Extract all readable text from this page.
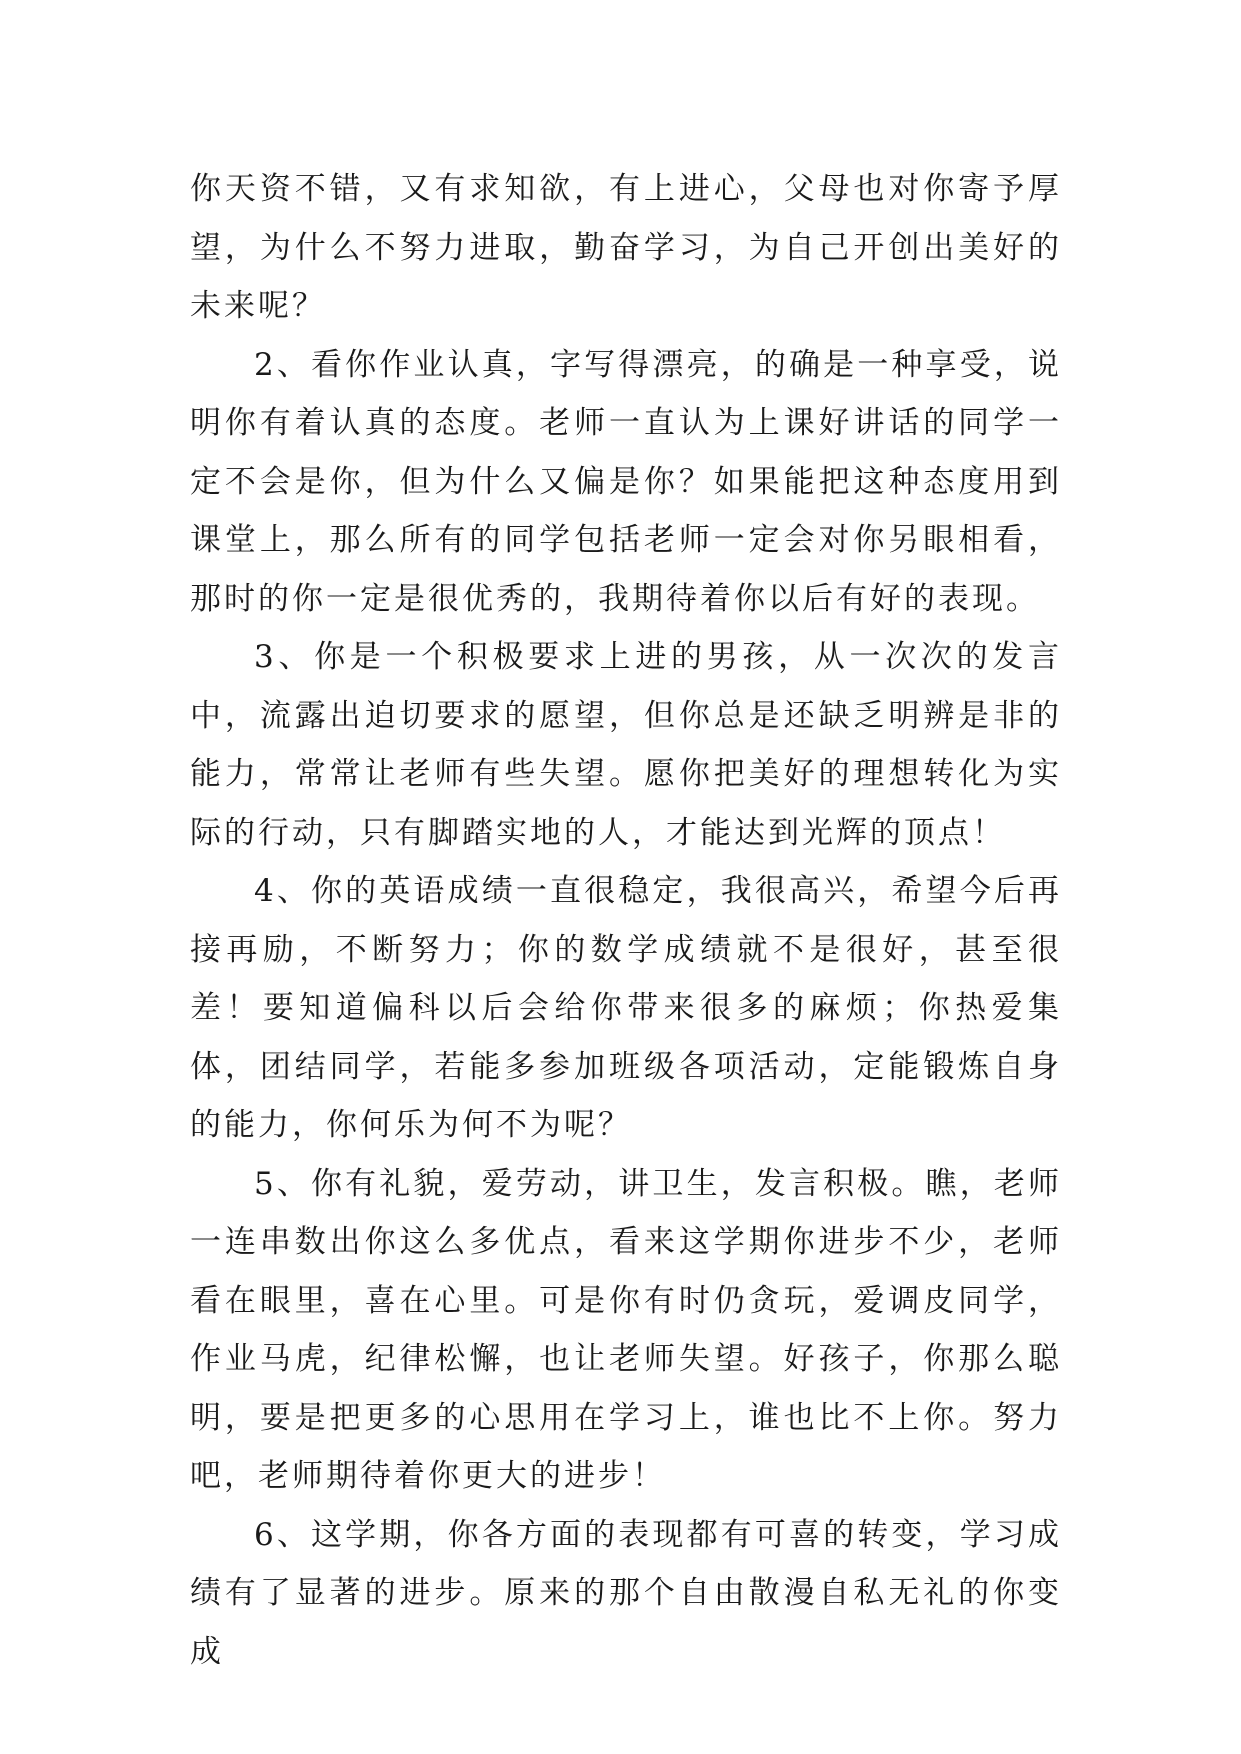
你天资不错，又有求知欲，有上进心，父母也对你寄予厚望，为什么不努力进取，勤奋学习，为自己开创出美好的未来呢？

2、看你作业认真，字写得漂亮，的确是一种享受，说明你有着认真的态度。老师一直认为上课好讲话的同学一定不会是你，但为什么又偏是你？如果能把这种态度用到课堂上，那么所有的同学包括老师一定会对你另眼相看，那时的你一定是很优秀的，我期待着你以后有好的表现。

3、你是一个积极要求上进的男孩，从一次次的发言中，流露出迫切要求的愿望，但你总是还缺乏明辨是非的能力，常常让老师有些失望。愿你把美好的理想转化为实际的行动，只有脚踏实地的人，才能达到光辉的顶点！

4、你的英语成绩一直很稳定，我很高兴，希望今后再接再励，不断努力；你的数学成绩就不是很好，甚至很差！要知道偏科以后会给你带来很多的麻烦；你热爱集体，团结同学，若能多参加班级各项活动，定能锻炼自身的能力，你何乐为何不为呢？

5、你有礼貌，爱劳动，讲卫生，发言积极。瞧，老师一连串数出你这么多优点，看来这学期你进步不少，老师看在眼里，喜在心里。可是你有时仍贪玩，爱调皮同学，作业马虎，纪律松懈，也让老师失望。好孩子，你那么聪明，要是把更多的心思用在学习上，谁也比不上你。努力吧，老师期待着你更大的进步！

6、这学期，你各方面的表现都有可喜的转变，学习成绩有了显著的进步。原来的那个自由散漫自私无礼的你变成
